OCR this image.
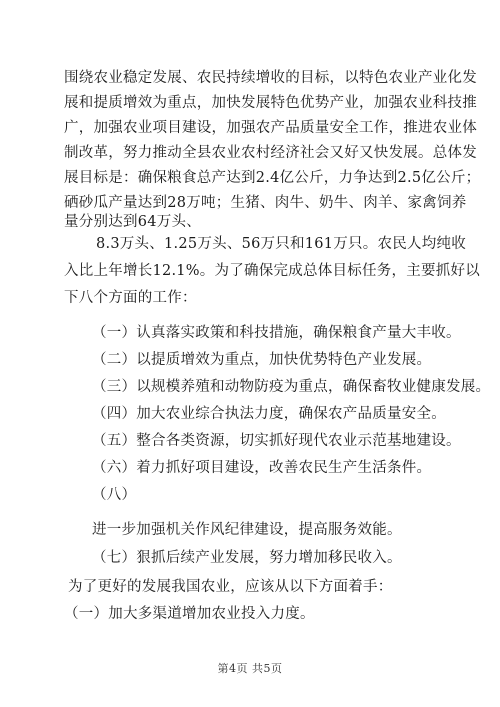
围绕农业稳定发展、农民持续增收的目标，以特色农业产业化发
展和提质增效为重点，加快发展特色优势产业，加强农业科技推
广，加强农业项目建设，加强农产品质量安全工作，推进农业体
制改革，努力推动全县农业农村经济社会又好又快发展。总体发
展目标是：确保粮食总产达到2.4亿公斤，力争达到2.5亿公斤；
硒砂瓜产量达到28万吨；生猪、肉牛、奶牛、肉羊、家禽饲养
量分别达到64万头、
8.3万头、1.25万头、56万只和161万只。农民人均纯收
入比上年增长12.1%。为了确保完成总体目标任务，主要抓好以
下八个方面的工作：
（一）认真落实政策和科技措施，确保粮食产量大丰收。
（二）以提质增效为重点，加快优势特色产业发展。
（三）以规模养殖和动物防疫为重点，确保畜牧业健康发展。
（四）加大农业综合执法力度，确保农产品质量安全。
（五）整合各类资源，切实抓好现代农业示范基地建设。
（六）着力抓好项目建设，改善农民生产生活条件。
（八）
进一步加强机关作风纪律建设，提高服务效能。
（七）狠抓后续产业发展，努力增加移民收入。
为了更好的发展我国农业，应该从以下方面着手：
（一）加大多渠道增加农业投入力度。
第4页 共5页
